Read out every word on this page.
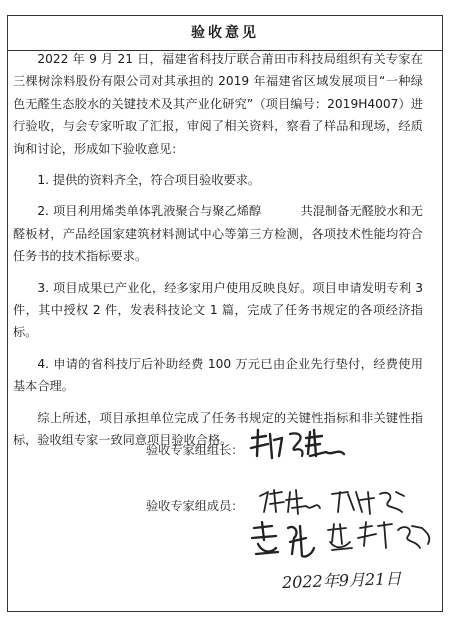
验收意见

2022 年 9 月 21 日，福建省科技厅联合莆田市科技局组织有关专家在三棵树涂料股份有限公司对其承担的 2019 年福建省区域发展项目“一种绿色无醛生态胶水的关键技术及其产业化研究”（项目编号：2019H4007）进行验收，与会专家听取了汇报，审阅了相关资料，察看了样品和现场，经质询和讨论，形成如下验收意见：

1. 提供的资料齐全，符合项目验收要求。

2. 项目利用烯类单体乳液聚合与聚乙烯醇          共混制备无醛胶水和无醛板材，产品经国家建筑材料测试中心等第三方检测，各项技术性能均符合任务书的技术指标要求。

3. 项目成果已产业化，经多家用户使用反映良好。项目申请发明专利 3 件，其中授权 2 件，发表科技论文 1 篇，完成了任务书规定的各项经济指标。

4. 申请的省科技厅后补助经费 100 万元已由企业先行垫付，经费使用基本合理。

综上所述，项目承担单位完成了任务书规定的关键性指标和非关键性指标，验收组专家一致同意项目验收合格。

验收专家组组长：
验收专家组成员：
2022年9月21日
